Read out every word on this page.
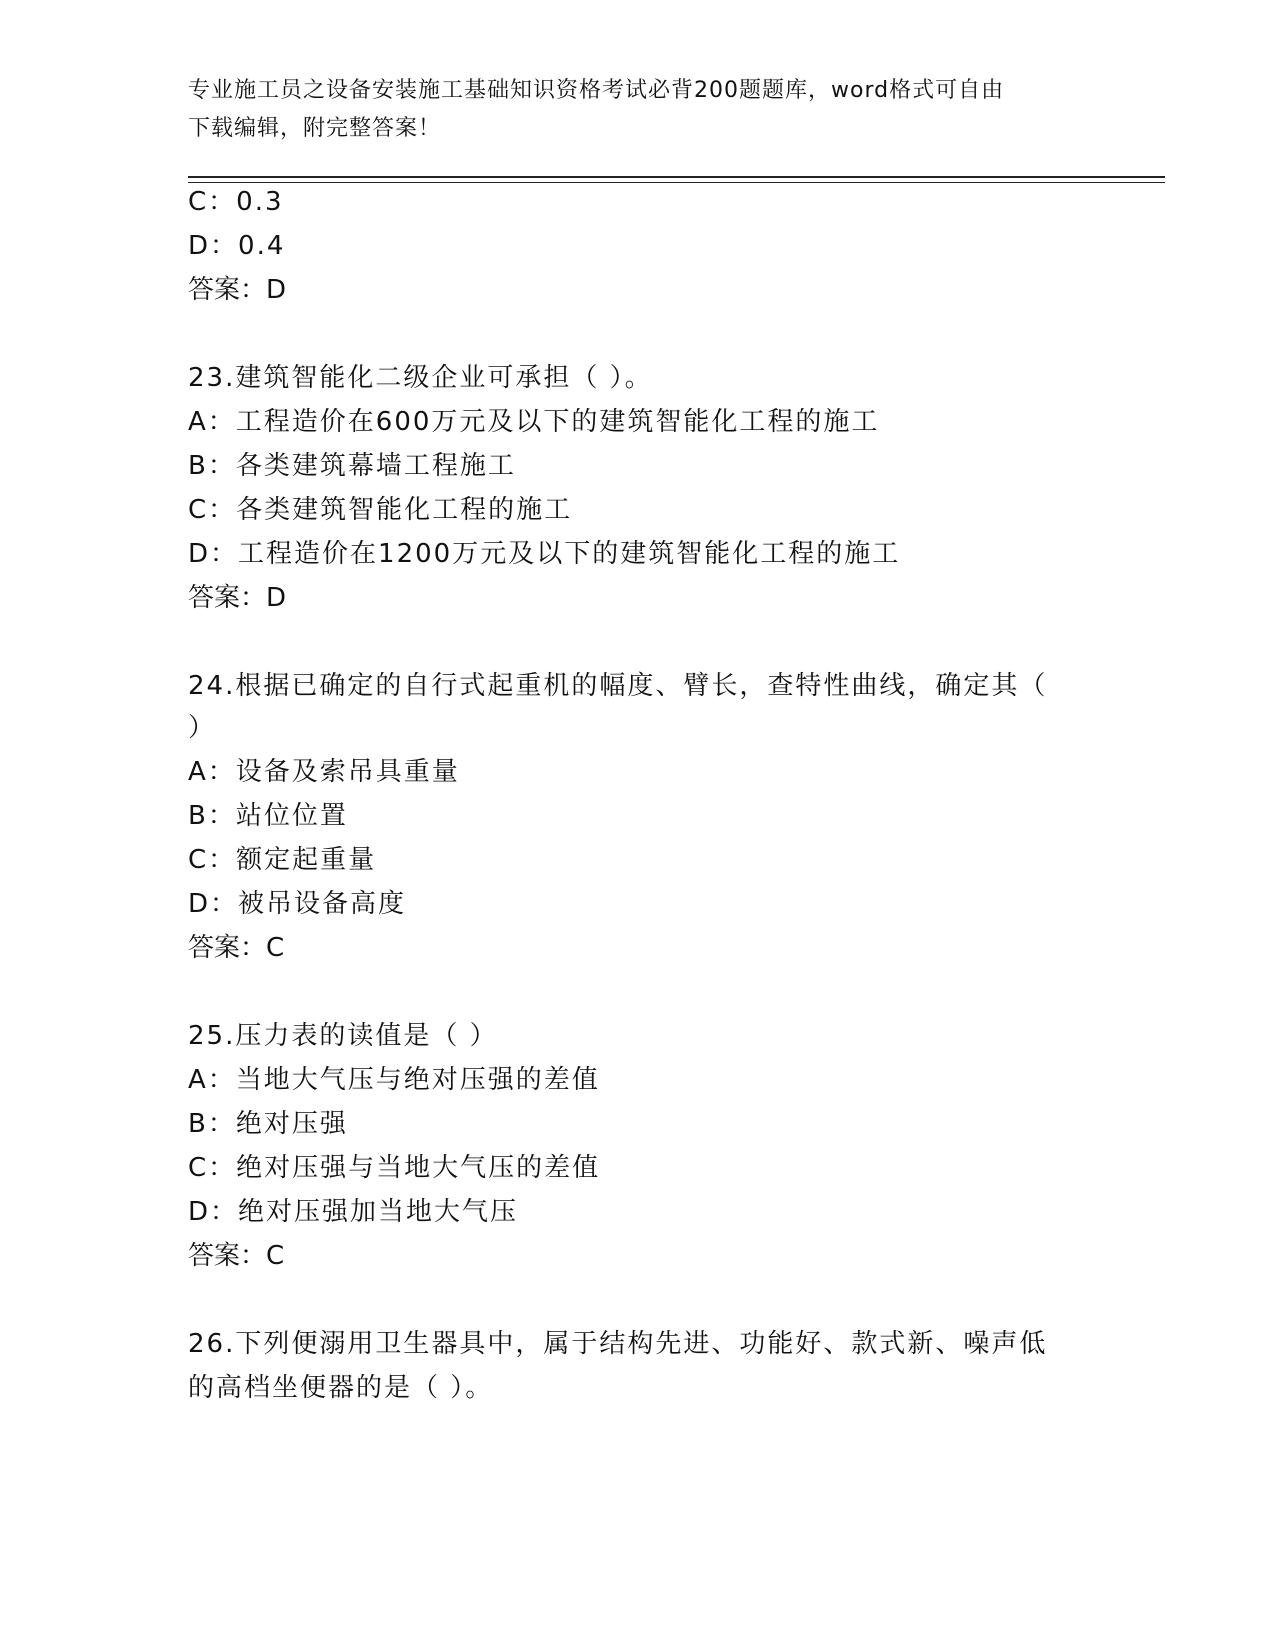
专业施工员之设备安装施工基础知识资格考试必背200题题库，word格式可自由
下载编辑，附完整答案！
C：0.3
D：0.4
答案：D
23.建筑智能化二级企业可承担（ ）。
A：工程造价在600万元及以下的建筑智能化工程的施工
B：各类建筑幕墙工程施工
C：各类建筑智能化工程的施工
D：工程造价在1200万元及以下的建筑智能化工程的施工
答案：D
24.根据已确定的自行式起重机的幅度、臂长，查特性曲线，确定其（
）
A：设备及索吊具重量
B：站位位置
C：额定起重量
D：被吊设备高度
答案：C
25.压力表的读值是（ ）
A：当地大气压与绝对压强的差值
B：绝对压强
C：绝对压强与当地大气压的差值
D：绝对压强加当地大气压
答案：C
26.下列便溺用卫生器具中，属于结构先进、功能好、款式新、噪声低
的高档坐便器的是（ ）。
